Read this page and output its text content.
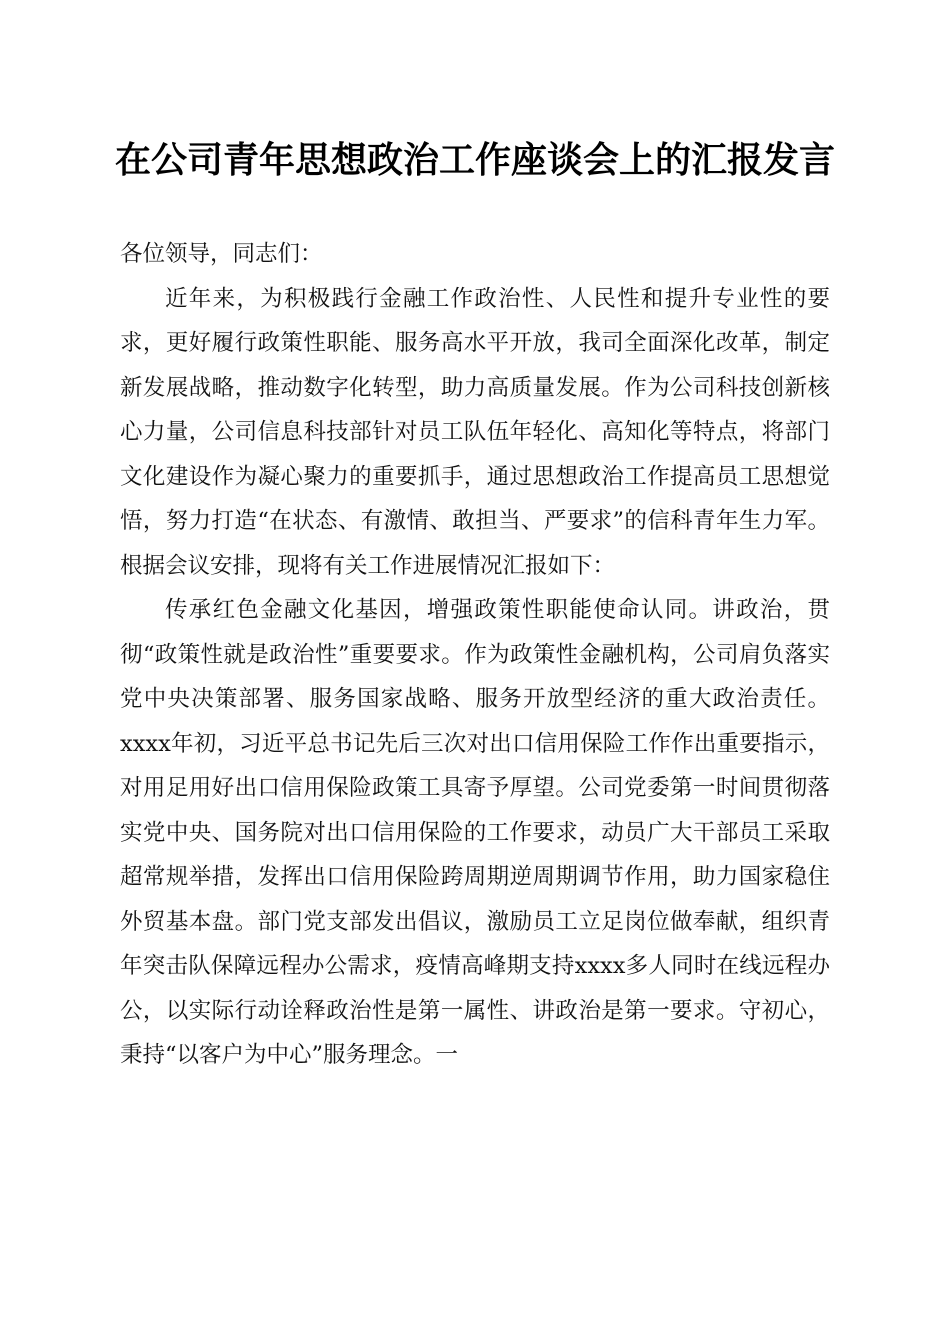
在公司青年思想政治工作座谈会上的汇报发言

各位领导，同志们：

近年来，为积极践行金融工作政治性、人民性和提升专业性的要求，更好履行政策性职能、服务高水平开放，我司全面深化改革，制定新发展战略，推动数字化转型，助力高质量发展。作为公司科技创新核心力量，公司信息科技部针对员工队伍年轻化、高知化等特点，将部门文化建设作为凝心聚力的重要抓手，通过思想政治工作提高员工思想觉悟，努力打造“在状态、有激情、敢担当、严要求”的信科青年生力军。根据会议安排，现将有关工作进展情况汇报如下：

传承红色金融文化基因，增强政策性职能使命认同。讲政治，贯彻“政策性就是政治性”重要要求。作为政策性金融机构，公司肩负落实党中央决策部署、服务国家战略、服务开放型经济的重大政治责任。xxxx年初，习近平总书记先后三次对出口信用保险工作作出重要指示，对用足用好出口信用保险政策工具寄予厚望。公司党委第一时间贯彻落实党中央、国务院对出口信用保险的工作要求，动员广大干部员工采取超常规举措，发挥出口信用保险跨周期逆周期调节作用，助力国家稳住外贸基本盘。部门党支部发出倡议，激励员工立足岗位做奉献，组织青年突击队保障远程办公需求，疫情高峰期支持xxxx多人同时在线远程办公，以实际行动诠释政治性是第一属性、讲政治是第一要求。守初心，秉持“以客户为中心”服务理念。一
